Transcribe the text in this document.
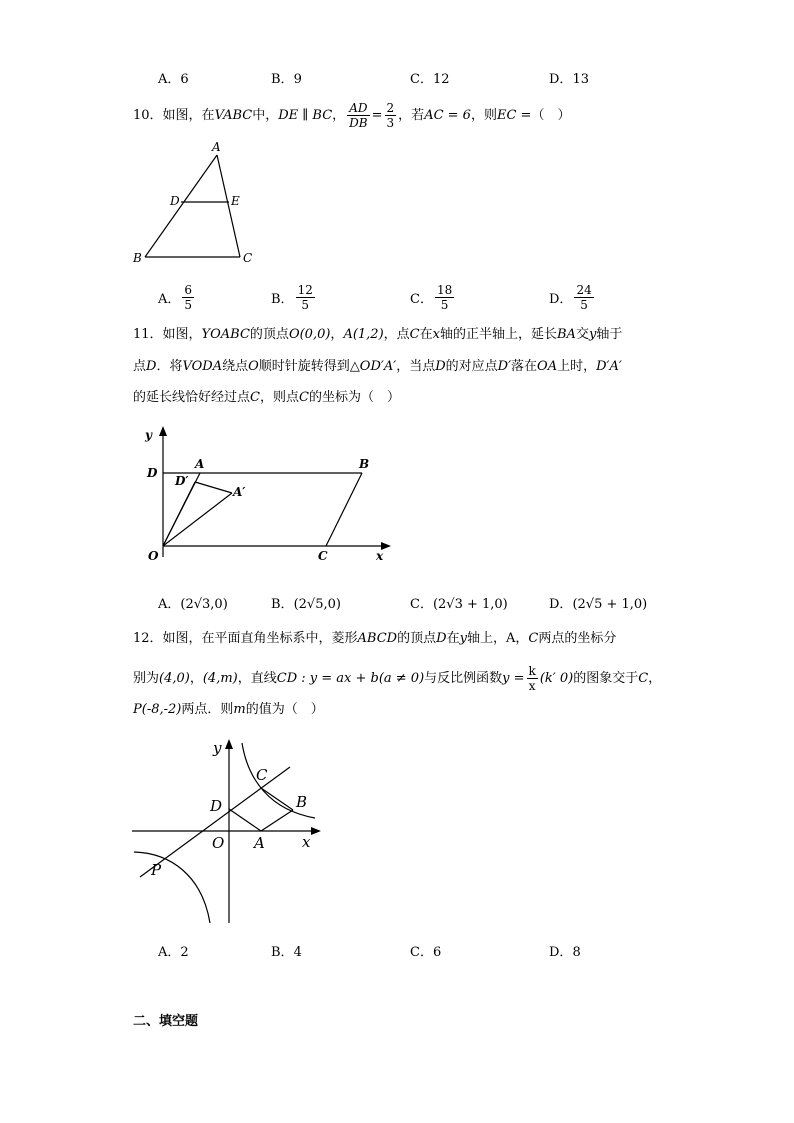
A．6	B．9	C．12	D．13
10．如图，在VABC中，DE ∥ BC， $\frac{AD}{DB} = \frac{2}{3}$ ，若AC = 6，则EC =（　）
A
D	E
B	C
A． $\frac{6}{5}$	B． $\frac{12}{5}$	C． $\frac{18}{5}$	D． $\frac{24}{5}$
11．如图，YOABC的顶点O(0,0)，A(1,2)，点C在x轴的正半轴上，延长BA交y轴于
点D．将VODA绕点O顺时针旋转得到△OD′A′，当点D的对应点D′落在OA上时，D′A′
的延长线恰好经过点C，则点C的坐标为（　）
y
x
O
D
A	B
C
D′
A′
A．(2√3,0)	B．(2√5,0)	C．(2√3 + 1,0)	D．(2√5 + 1,0)
12．如图，在平面直角坐标系中，菱形ABCD的顶点D在y轴上，A，C两点的坐标分
别为(4,0)，(4,m)，直线CD : y = ax + b(a ≠ 0)与反比例函数$y = \frac{k}{x} (k'$ 0)的图象交于C，
P(-8,-2)两点．则m的值为（　）
y
x
O A
B
C
D
P
A．2	B．4	C．6	D．8
二、填空题
